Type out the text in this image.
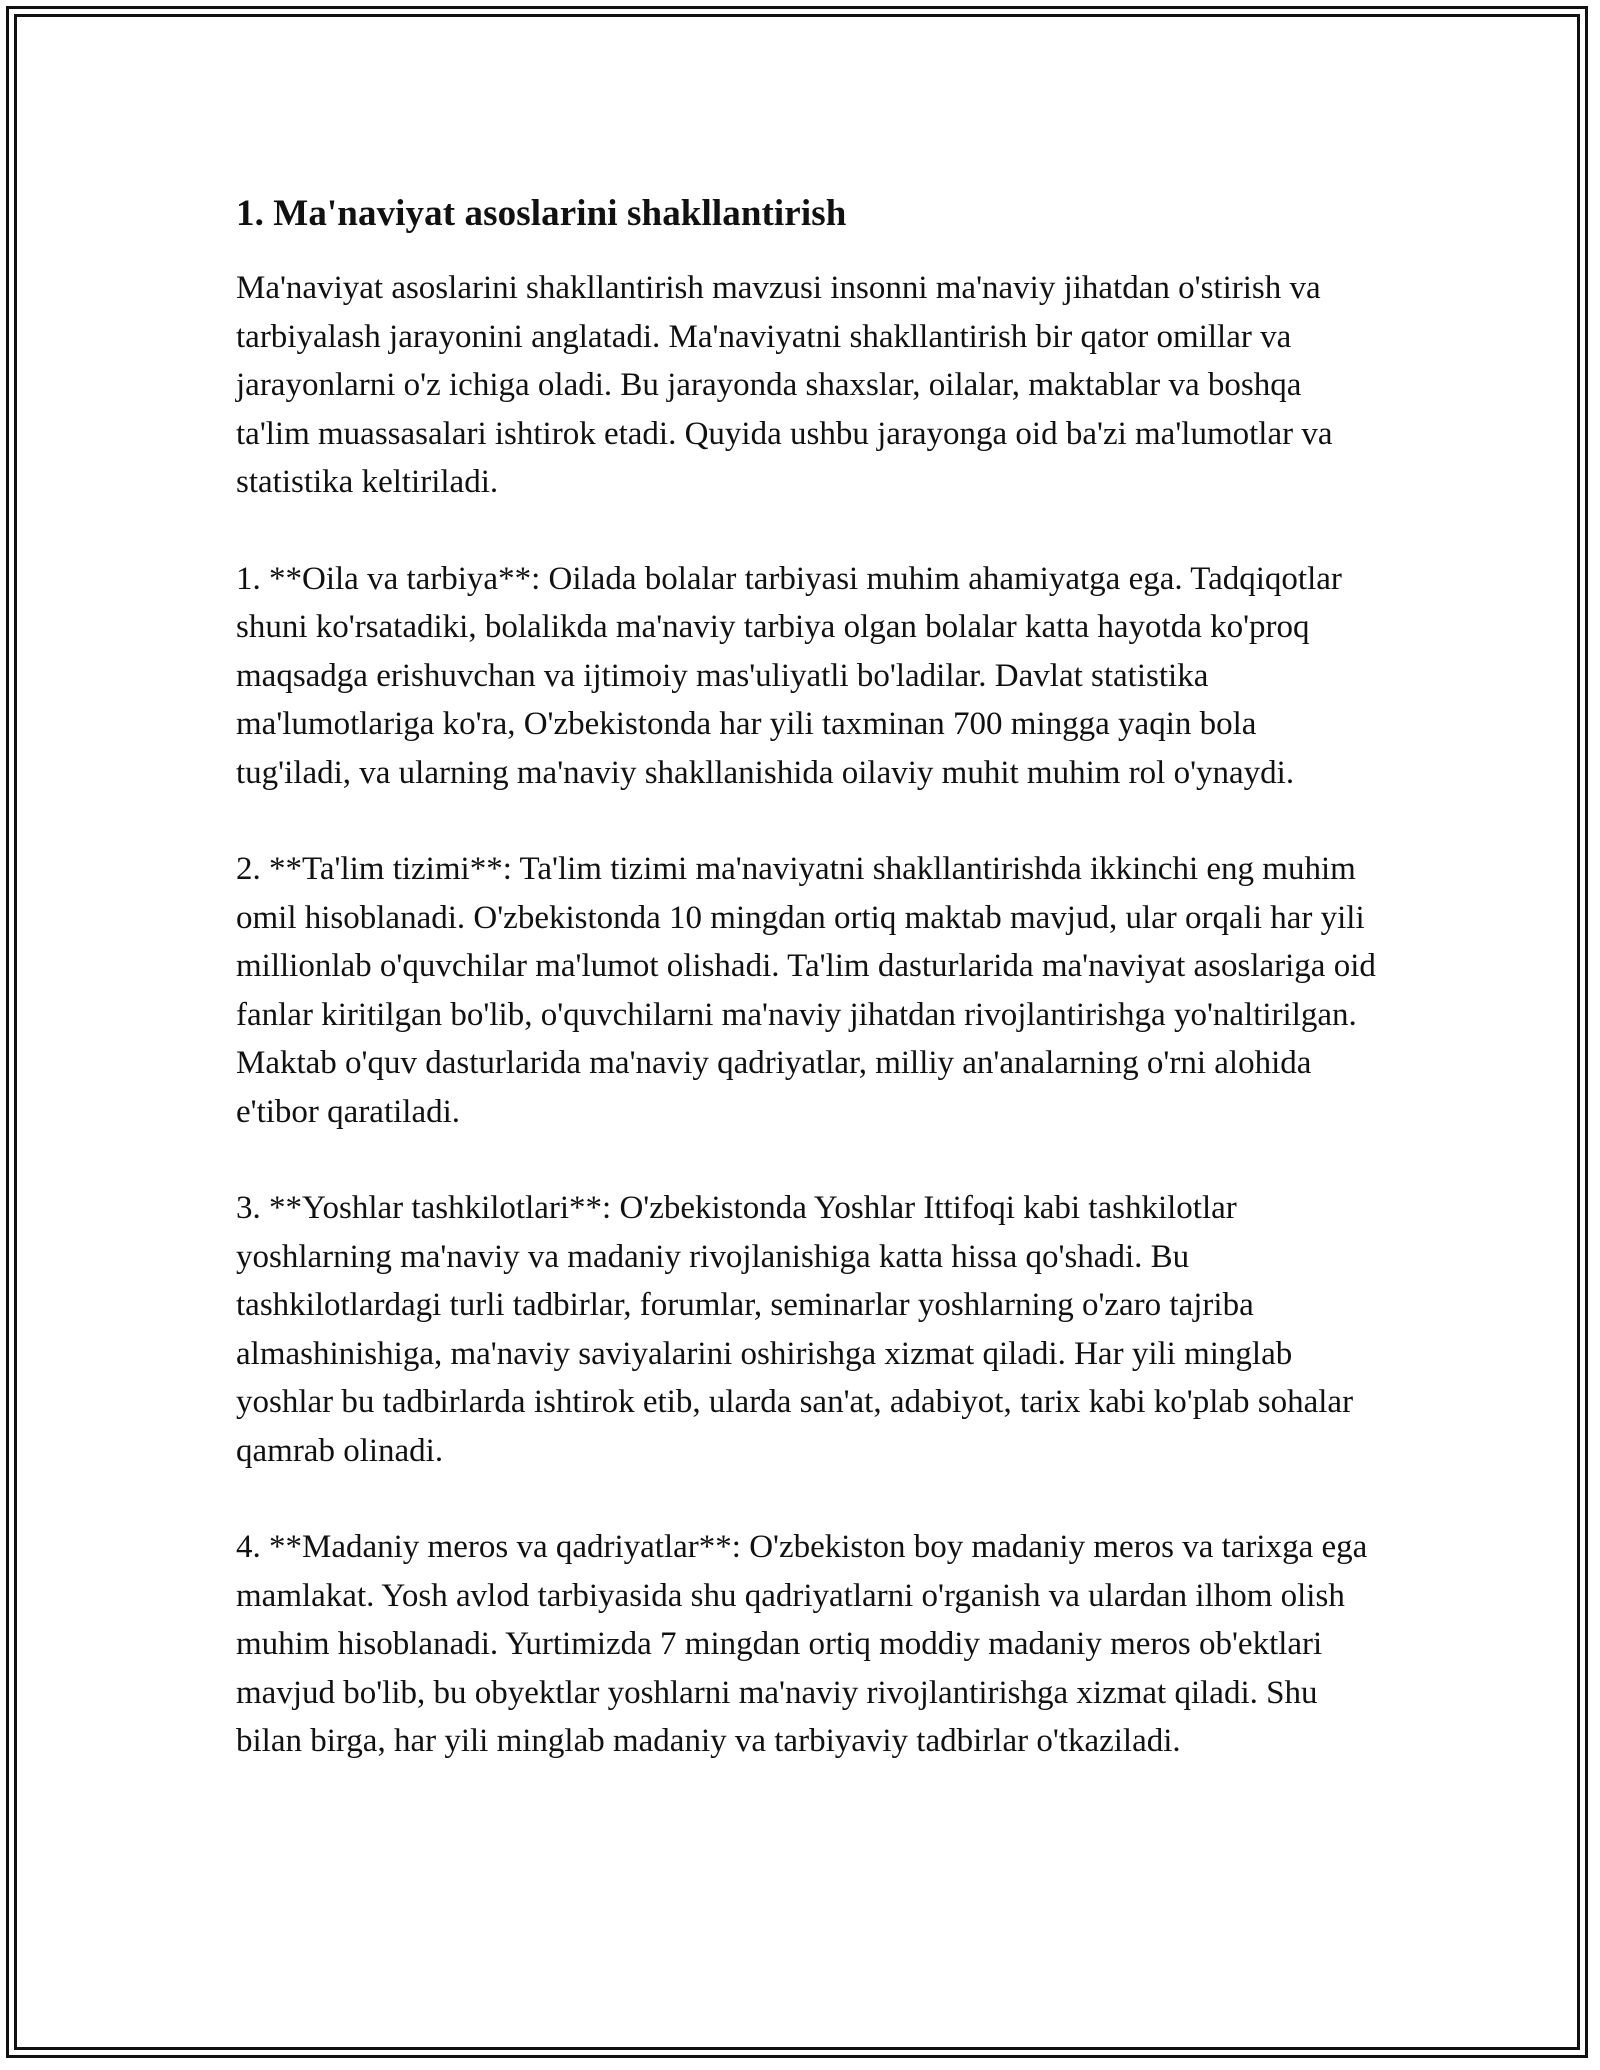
1. Ma'naviyat asoslarini shakllantirish

Ma'naviyat asoslarini shakllantirish mavzusi insonni ma'naviy jihatdan o'stirish va tarbiyalash jarayonini anglatadi. Ma'naviyatni shakllantirish bir qator omillar va jarayonlarni o'z ichiga oladi. Bu jarayonda shaxslar, oilalar, maktablar va boshqa ta'lim muassasalari ishtirok etadi. Quyida ushbu jarayonga oid ba'zi ma'lumotlar va statistika keltiriladi.

1. **Oila va tarbiya**: Oilada bolalar tarbiyasi muhim ahamiyatga ega. Tadqiqotlar shuni ko'rsatadiki, bolalikda ma'naviy tarbiya olgan bolalar katta hayotda ko'proq maqsadga erishuvchan va ijtimoiy mas'uliyatli bo'ladilar. Davlat statistika ma'lumotlariga ko'ra, O'zbekistonda har yili taxminan 700 mingga yaqin bola tug'iladi, va ularning ma'naviy shakllanishida oilaviy muhit muhim rol o'ynaydi.

2. **Ta'lim tizimi**: Ta'lim tizimi ma'naviyatni shakllantirishda ikkinchi eng muhim omil hisoblanadi. O'zbekistonda 10 mingdan ortiq maktab mavjud, ular orqali har yili millionlab o'quvchilar ma'lumot olishadi. Ta'lim dasturlarida ma'naviyat asoslariga oid fanlar kiritilgan bo'lib, o'quvchilarni ma'naviy jihatdan rivojlantirishga yo'naltirilgan. Maktab o'quv dasturlarida ma'naviy qadriyatlar, milliy an'analarning o'rni alohida e'tibor qaratiladi.

3. **Yoshlar tashkilotlari**: O'zbekistonda Yoshlar Ittifoqi kabi tashkilotlar yoshlarning ma'naviy va madaniy rivojlanishiga katta hissa qo'shadi. Bu tashkilotlardagi turli tadbirlar, forumlar, seminarlar yoshlarning o'zaro tajriba almashinishiga, ma'naviy saviyalarini oshirishga xizmat qiladi. Har yili minglab yoshlar bu tadbirlarda ishtirok etib, ularda san'at, adabiyot, tarix kabi ko'plab sohalar qamrab olinadi.

4. **Madaniy meros va qadriyatlar**: O'zbekiston boy madaniy meros va tarixga ega mamlakat. Yosh avlod tarbiyasida shu qadriyatlarni o'rganish va ulardan ilhom olish muhim hisoblanadi. Yurtimizda 7 mingdan ortiq moddiy madaniy meros ob'ektlari mavjud bo'lib, bu obyektlar yoshlarni ma'naviy rivojlantirishga xizmat qiladi. Shu bilan birga, har yili minglab madaniy va tarbiyaviy tadbirlar o'tkaziladi.
